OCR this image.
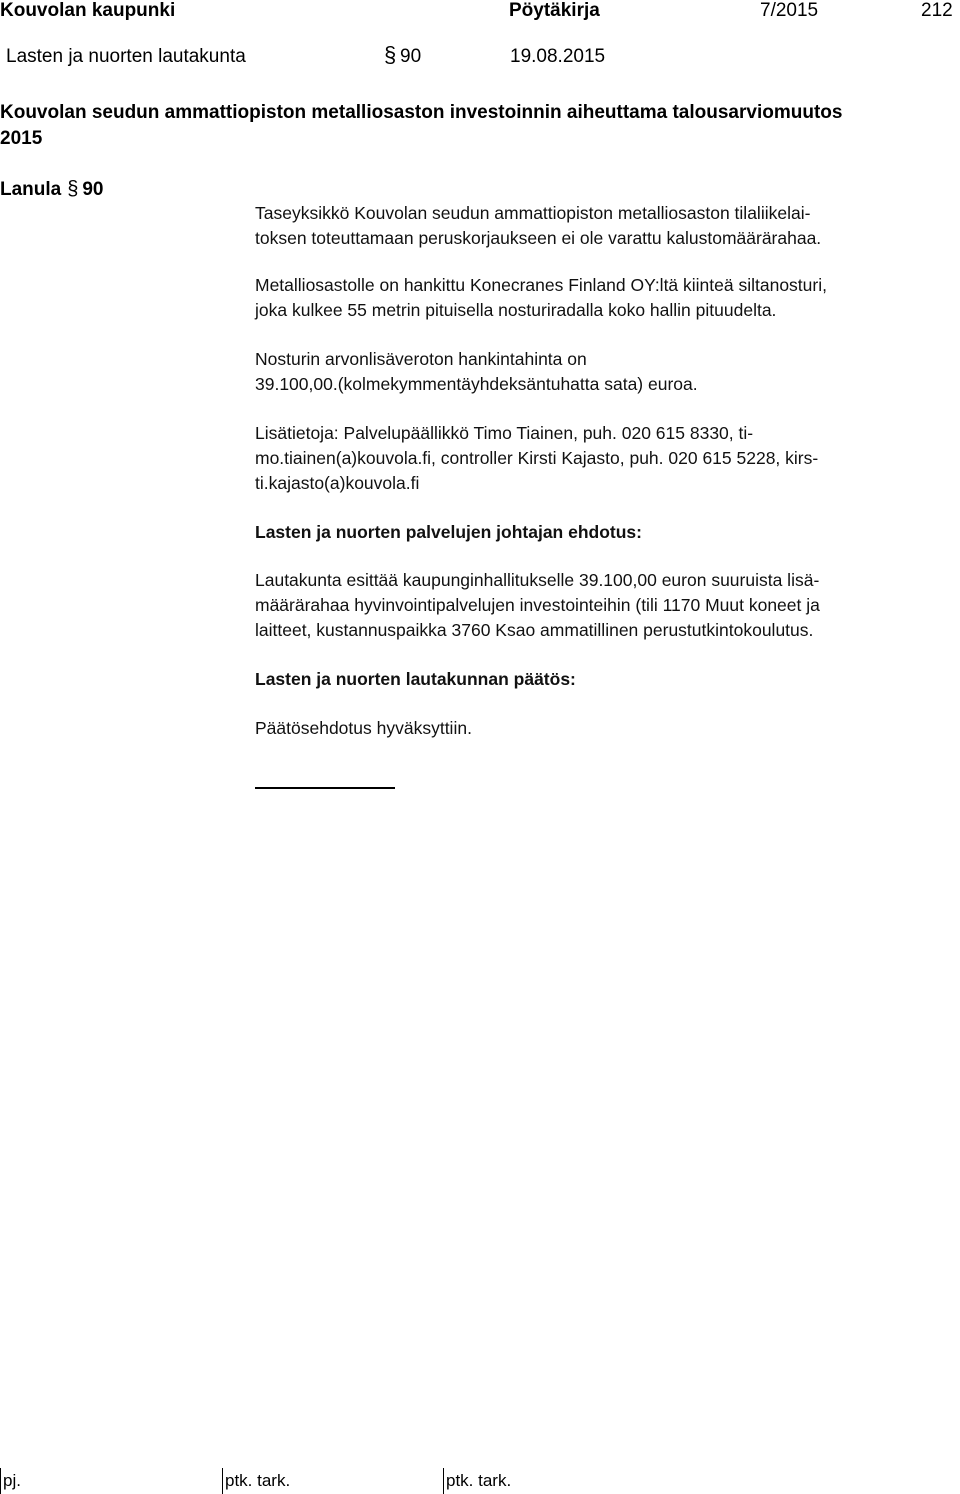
Kouvolan kaupunki	Pöytäkirja	7/2015	212
Lasten ja nuorten lautakunta	§ 90	19.08.2015
Kouvolan seudun ammattiopiston metalliosaston investoinnin aiheuttama talousarviomuutos
2015
Lanula § 90

Taseyksikkö Kouvolan seudun ammattiopiston metalliosaston tilaliikelai-

toksen toteuttamaan peruskorjaukseen ei ole varattu kalustomäärärahaa.

Metalliosastolle on hankittu Konecranes Finland OY:ltä kiinteä siltanosturi,

joka kulkee 55 metrin pituisella nosturiradalla koko hallin pituudelta.

Nosturin arvonlisäveroton hankintahinta on

39.100,00.(kolmekymmentäyhdeksäntuhatta sata) euroa.

Lisätietoja: Palvelupäällikkö Timo Tiainen, puh. 020 615 8330, ti-

mo.tiainen(a)kouvola.fi, controller Kirsti Kajasto, puh. 020 615 5228, kirs-

ti.kajasto(a)kouvola.fi

Lasten ja nuorten palvelujen johtajan ehdotus:

Lautakunta esittää kaupunginhallitukselle 39.100,00 euron suuruista lisä-

määrärahaa hyvinvointipalvelujen investointeihin (tili 1170 Muut koneet ja

laitteet, kustannuspaikka 3760 Ksao ammatillinen perustutkintokoulutus.

Lasten ja nuorten lautakunnan päätös:

Päätösehdotus hyväksyttiin.

pj.	ptk. tark.	ptk. tark.
